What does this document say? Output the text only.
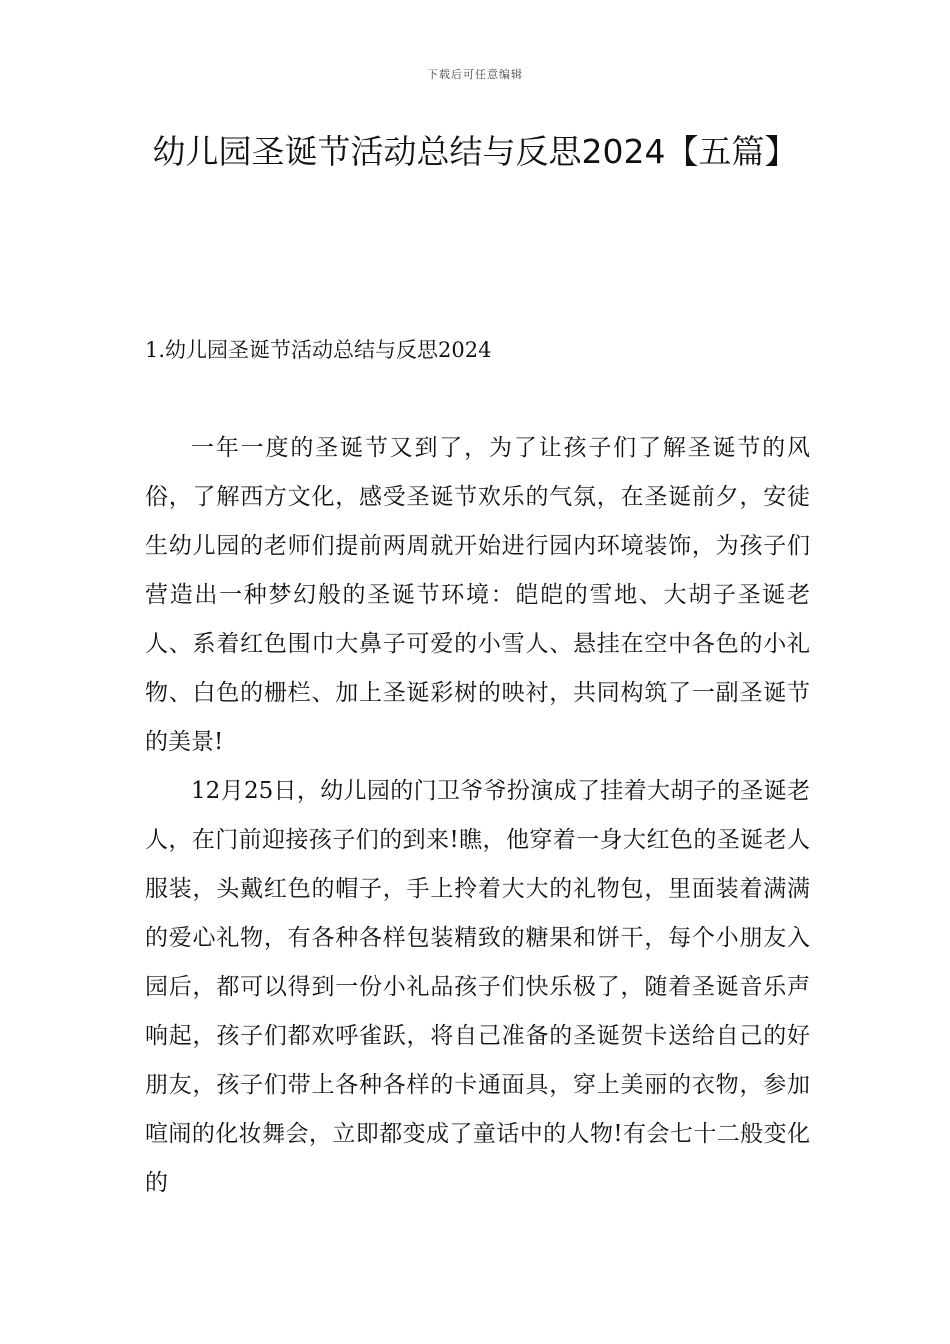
下载后可任意编辑
幼儿园圣诞节活动总结与反思2024【五篇】
1.幼儿园圣诞节活动总结与反思2024

一年一度的圣诞节又到了，为了让孩子们了解圣诞节的风俗，了解西方文化，感受圣诞节欢乐的气氛，在圣诞前夕，安徒生幼儿园的老师们提前两周就开始进行园内环境装饰，为孩子们营造出一种梦幻般的圣诞节环境：皑皑的雪地、大胡子圣诞老人、系着红色围巾大鼻子可爱的小雪人、悬挂在空中各色的小礼物、白色的栅栏、加上圣诞彩树的映衬，共同构筑了一副圣诞节的美景!

12月25日，幼儿园的门卫爷爷扮演成了挂着大胡子的圣诞老人，在门前迎接孩子们的到来!瞧，他穿着一身大红色的圣诞老人服装，头戴红色的帽子，手上拎着大大的礼物包，里面装着满满的爱心礼物，有各种各样包装精致的糖果和饼干，每个小朋友入园后，都可以得到一份小礼品孩子们快乐极了，随着圣诞音乐声响起，孩子们都欢呼雀跃，将自己准备的圣诞贺卡送给自己的好朋友，孩子们带上各种各样的卡通面具，穿上美丽的衣物，参加喧闹的化妆舞会，立即都变成了童话中的人物!有会七十二般变化的
